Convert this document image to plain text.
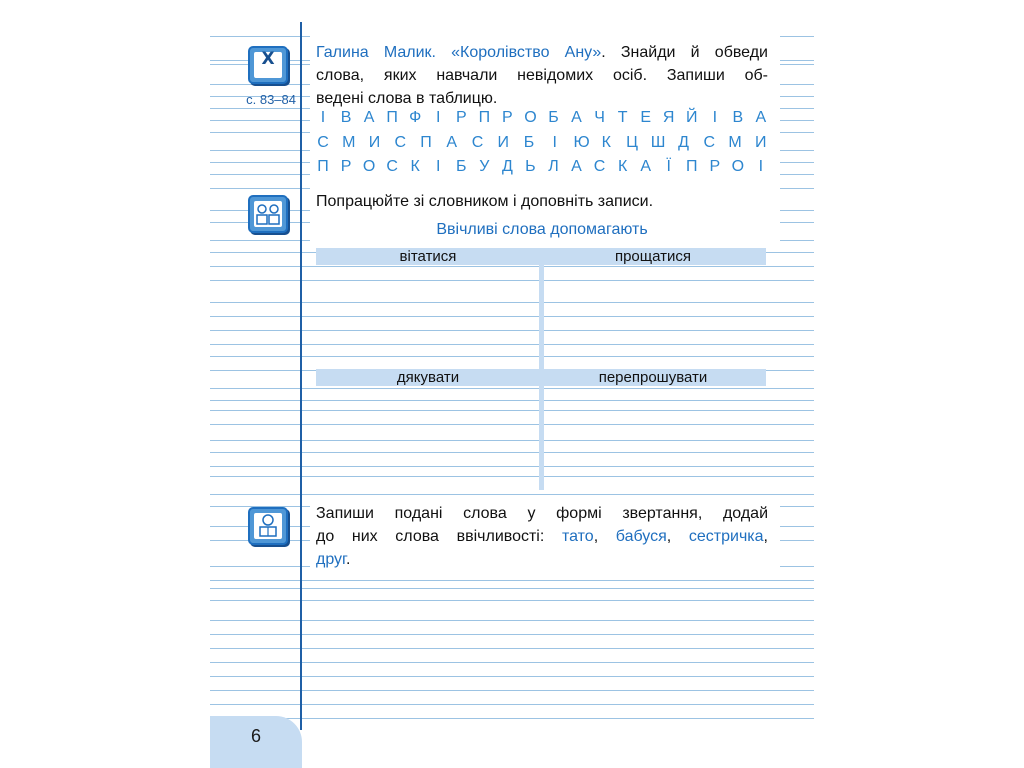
Х
с. 83–84
Галина Малик. «Королівство Ану». Знайди й обведи
слова, яких навчали невідомих осіб. Запиши об-
ведені слова в таблицю.
І В А П Ф І Р П Р О Б А Ч Т Е Я Й І В А
С М И С П А С И Б І Ю К Ц Ш Д С М И
П Р О С К І Б У Д Ь Л А С К А Ї П Р О І
Попрацюйте зі словником і доповніть записи.
Ввічливі слова допомагають
вітатися	прощатися
дякувати	перепрошувати
Запиши подані слова у формі звертання, додай
до них слова ввічливості: тато, бабуся, сестричка,
друг.
6
